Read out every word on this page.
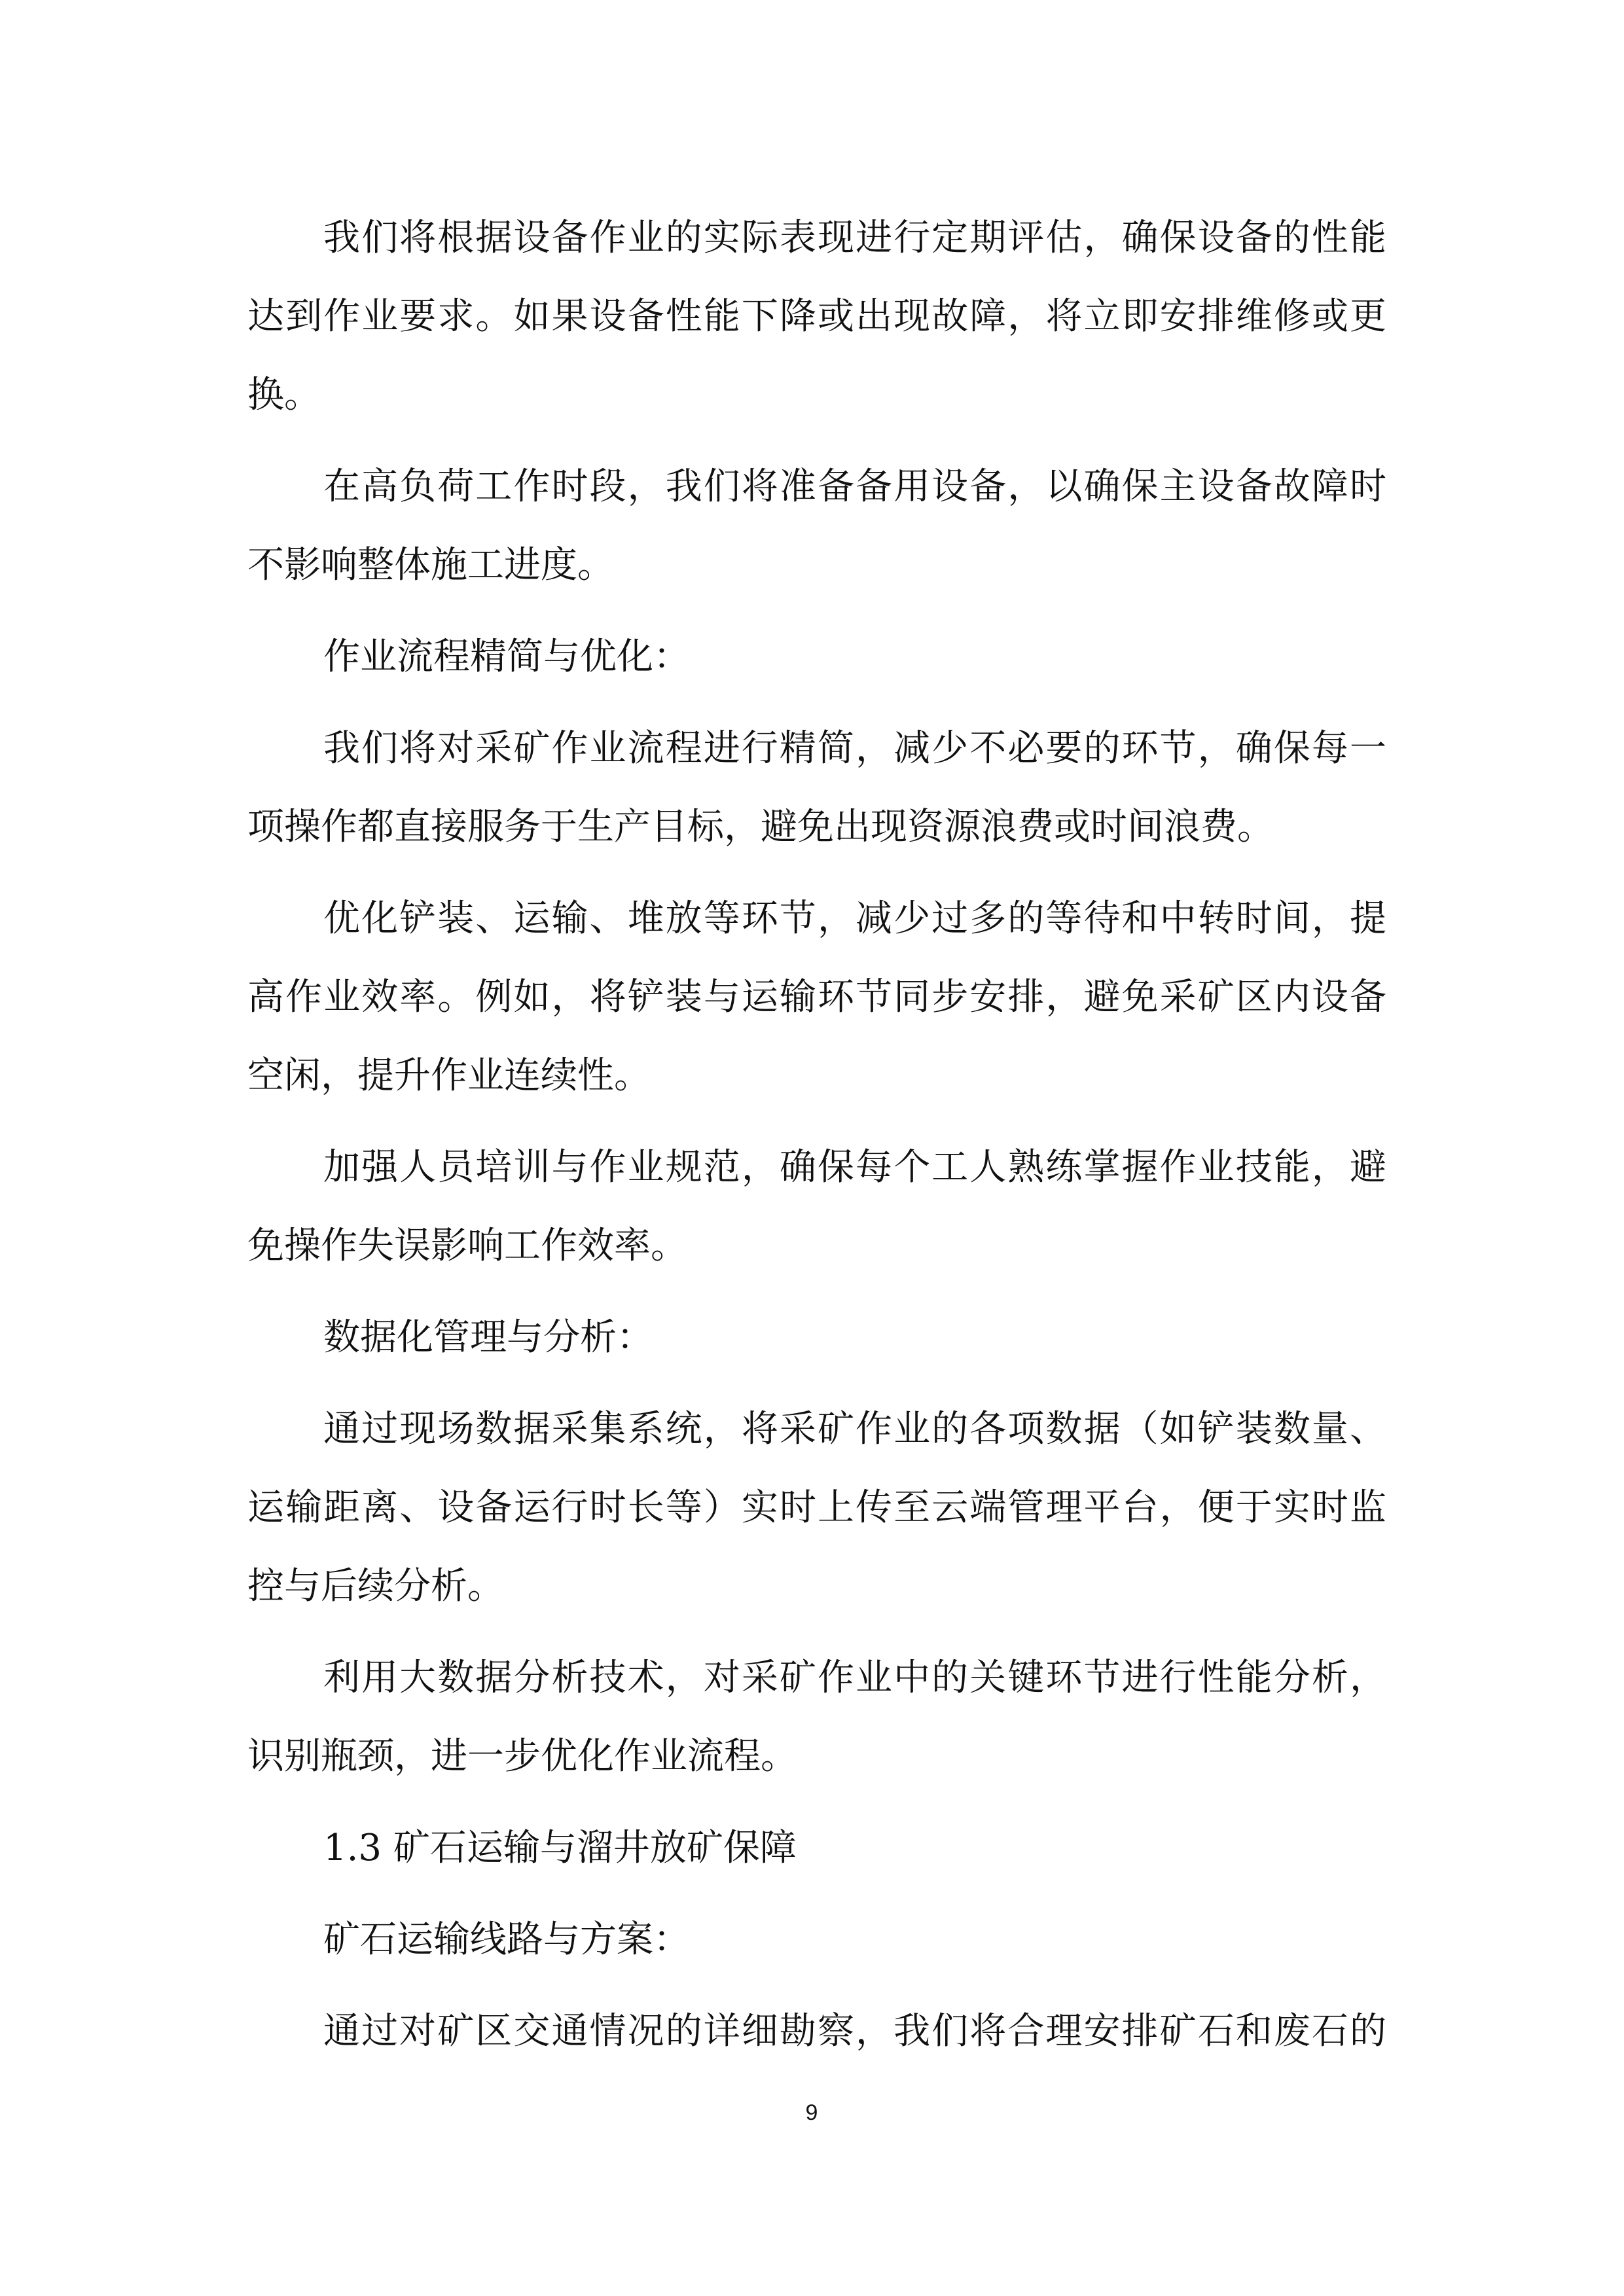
我们将根据设备作业的实际表现进行定期评估，确保设备的性能
达到作业要求。如果设备性能下降或出现故障，将立即安排维修或更
换。
在高负荷工作时段，我们将准备备用设备，以确保主设备故障时
不影响整体施工进度。
作业流程精简与优化：
我们将对采矿作业流程进行精简，减少不必要的环节，确保每一
项操作都直接服务于生产目标，避免出现资源浪费或时间浪费。
优化铲装、运输、堆放等环节，减少过多的等待和中转时间，提
高作业效率。例如，将铲装与运输环节同步安排，避免采矿区内设备
空闲，提升作业连续性。
加强人员培训与作业规范，确保每个工人熟练掌握作业技能，避
免操作失误影响工作效率。
数据化管理与分析：
通过现场数据采集系统，将采矿作业的各项数据（如铲装数量、
运输距离、设备运行时长等）实时上传至云端管理平台，便于实时监
控与后续分析。
利用大数据分析技术，对采矿作业中的关键环节进行性能分析，
识别瓶颈，进一步优化作业流程。
1.3 矿石运输与溜井放矿保障
矿石运输线路与方案：
通过对矿区交通情况的详细勘察，我们将合理安排矿石和废石的
9
